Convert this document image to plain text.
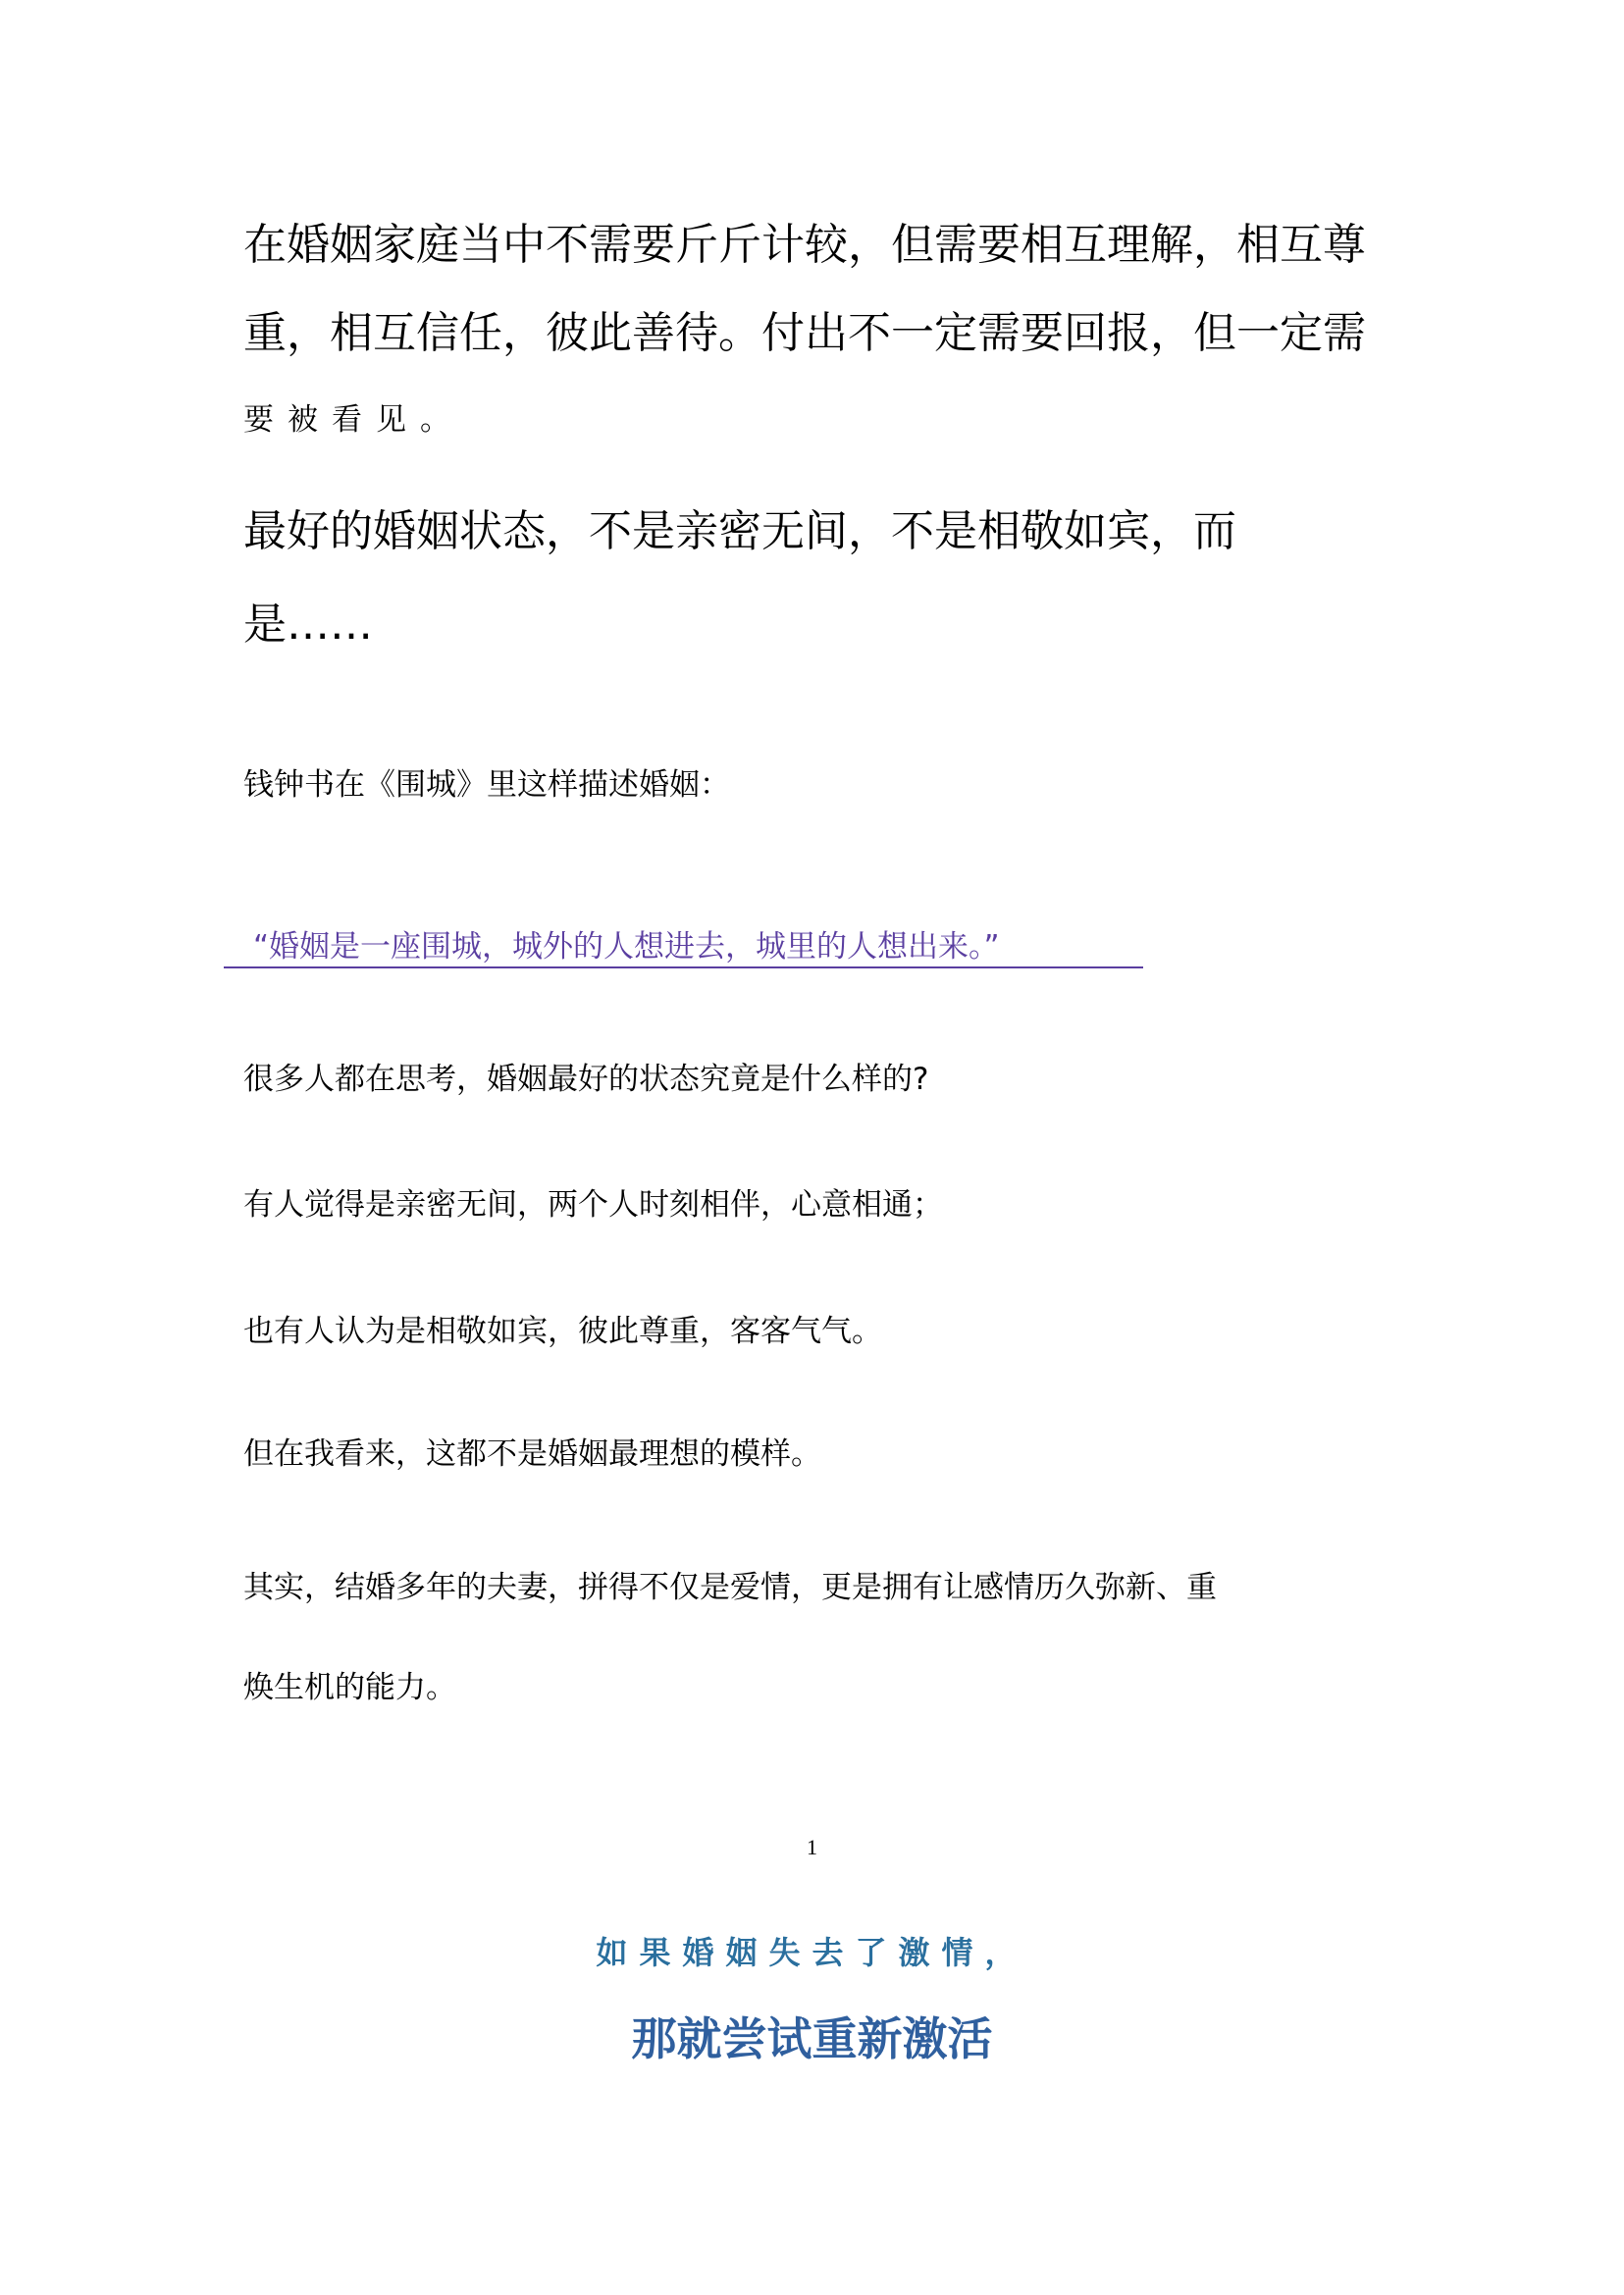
在婚姻家庭当中不需要斤斤计较，但需要相互理解，相互尊
重，相互信任，彼此善待。付出不一定需要回报，但一定需
要被看见。
最好的婚姻状态，不是亲密无间，不是相敬如宾，而
是……
钱钟书在《围城》里这样描述婚姻：
“婚姻是一座围城，城外的人想进去，城里的人想出来。”
很多人都在思考，婚姻最好的状态究竟是什么样的?
有人觉得是亲密无间，两个人时刻相伴，心意相通；
也有人认为是相敬如宾，彼此尊重，客客气气。
但在我看来，这都不是婚姻最理想的模样。
其实，结婚多年的夫妻，拼得不仅是爱情，更是拥有让感情历久弥新、重
焕生机的能力。
1
如果婚姻失去了激情，
那就尝试重新激活
